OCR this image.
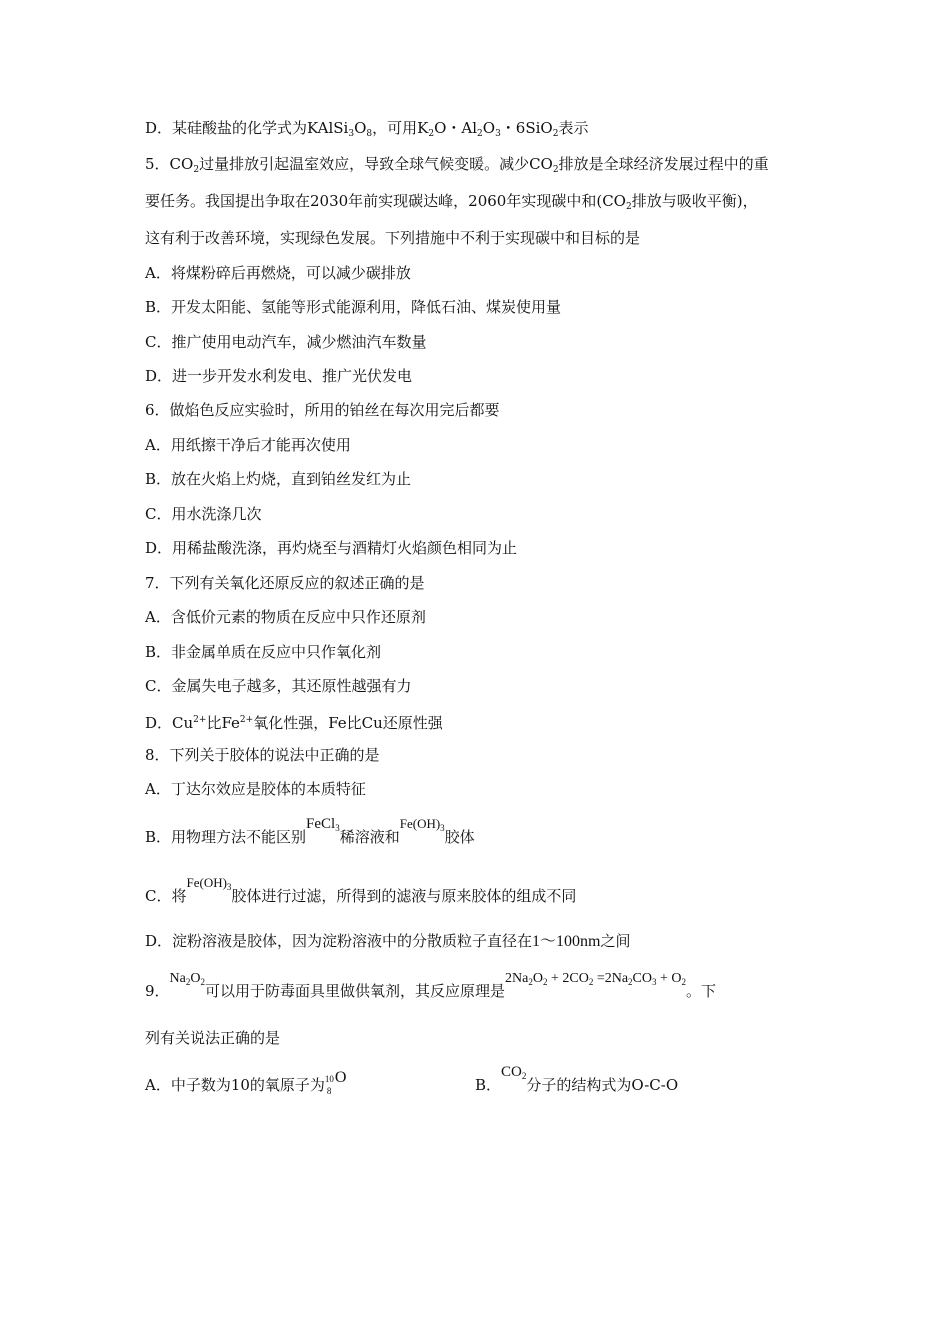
D．某硅酸盐的化学式为$KAlSi_3O_8$，可用$K_2O$・$Al_2O_3$・6SiO$_2$表示
5．$CO_2$过量排放引起温室效应，导致全球气候变暖。减少$CO_2$排放是全球经济发展过程中的重
要任务。我国提出争取在2030年前实现碳达峰，2060年实现碳中和($CO_2$排放与吸收平衡)，
这有利于改善环境，实现绿色发展。下列措施中不利于实现碳中和目标的是
A．将煤粉碎后再燃烧，可以减少碳排放
B．开发太阳能、氢能等形式能源利用，降低石油、煤炭使用量
C．推广使用电动汽车，减少燃油汽车数量
D．进一步开发水利发电、推广光伏发电
6．做焰色反应实验时，所用的铂丝在每次用完后都要
A．用纸擦干净后才能再次使用
B．放在火焰上灼烧，直到铂丝发红为止
C．用水洗涤几次
D．用稀盐酸洗涤，再灼烧至与酒精灯火焰颜色相同为止
7．下列有关氧化还原反应的叙述正确的是
A．含低价元素的物质在反应中只作还原剂
B．非金属单质在反应中只作氧化剂
C．金属失电子越多，其还原性越强有力
D．$Cu^{2+}$比$Fe^{2+}$氧化性强，Fe比Cu还原性强
8．下列关于胶体的说法中正确的是
A．丁达尔效应是胶体的本质特征
B．用物理方法不能区别FeCl$_3$稀溶液和$Fe(OH)_3$胶体
C．将$Fe(OH)_3$胶体进行过滤，所得到的滤液与原来胶体的组成不同
D．淀粉溶液是胶体，因为淀粉溶液中的分散质粒子直径在1～100nm之间
9．$Na_2O_2$可以用于防毒面具里做供氧剂，其反应原理是$2Na_2O_2 + 2CO_2 =2Na_2CO_3 + O_2$。下
列有关说法正确的是
A．中子数为10的氧原子为 10
8
O	B．$CO_2$分子的结构式为O-C-O
